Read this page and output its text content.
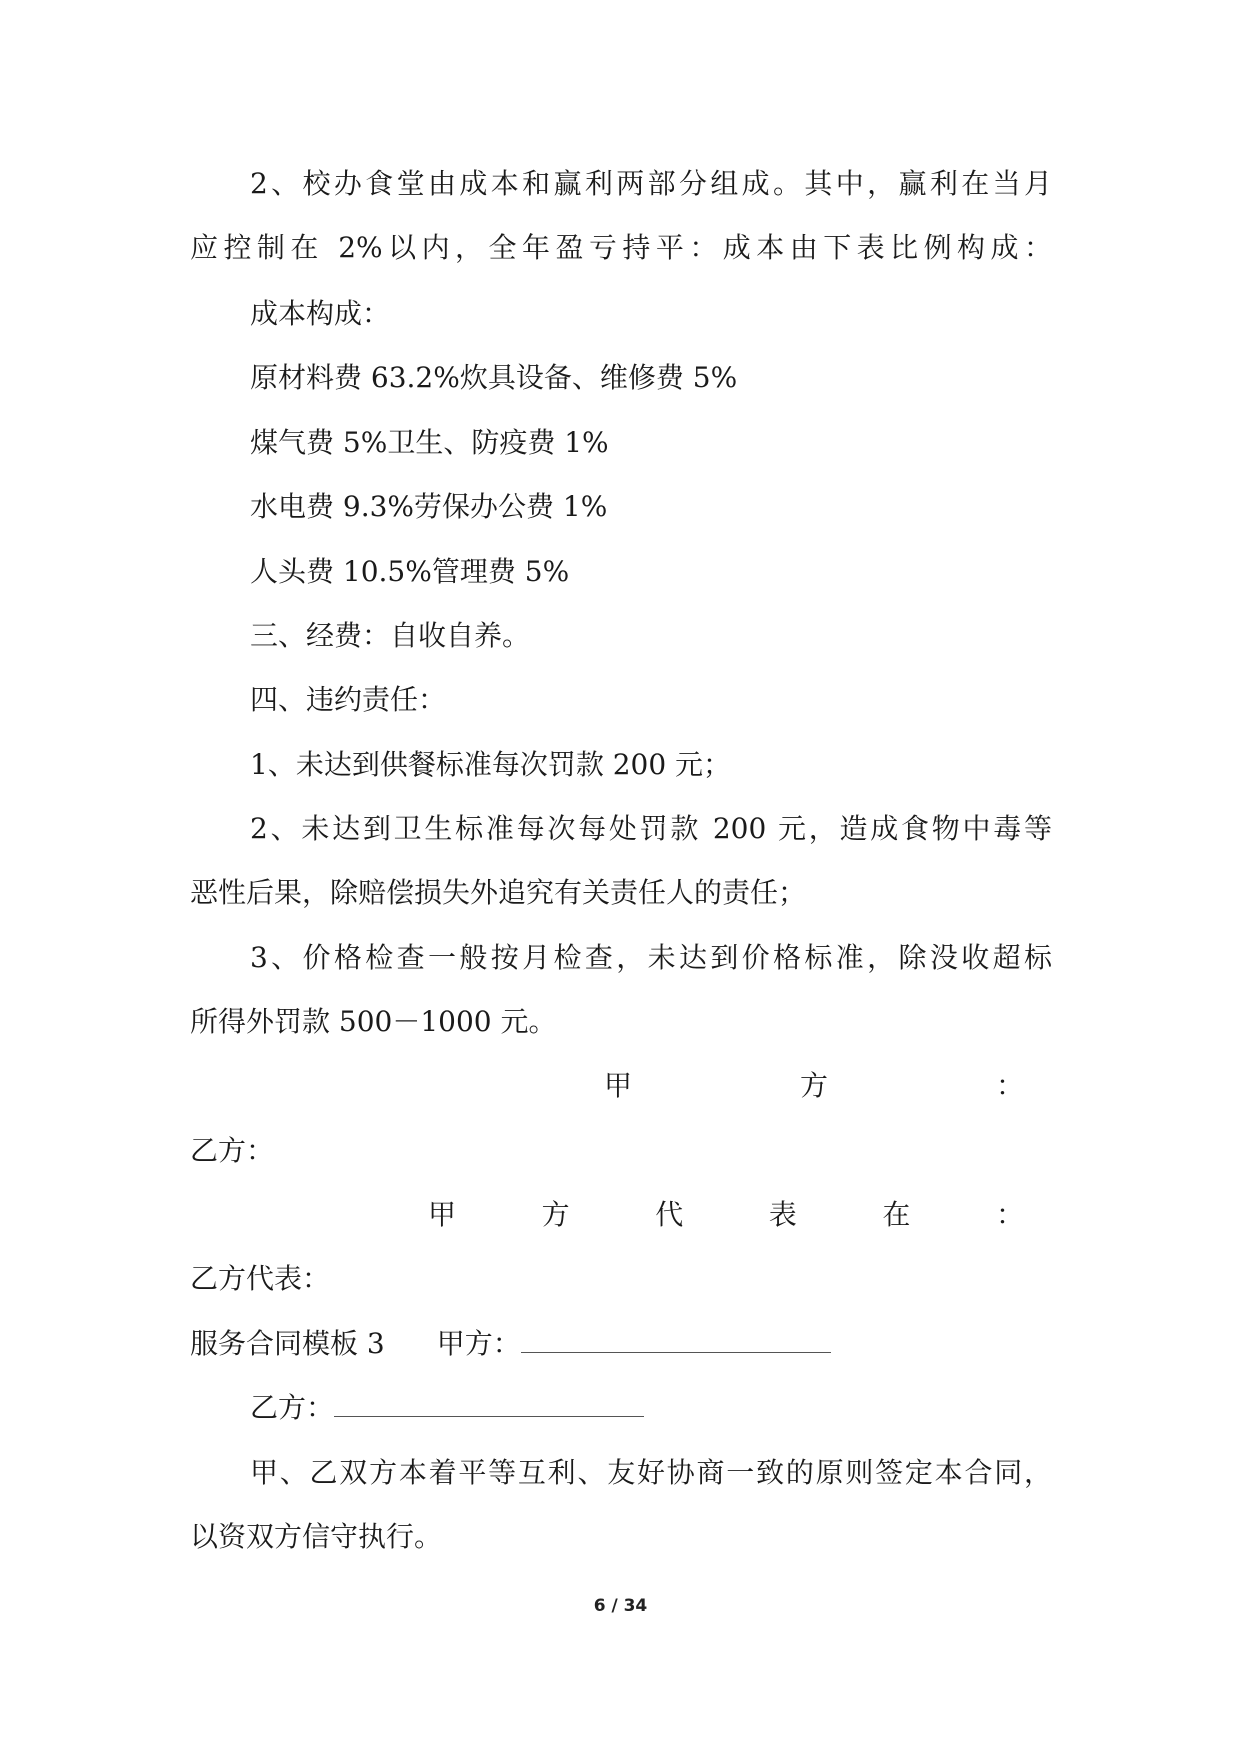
2、校办食堂由成本和赢利两部分组成。其中，赢利在当月
应控制在 2%以内，全年盈亏持平：成本由下表比例构成：
成本构成：
原材料费 63.2%炊具设备、维修费 5%
煤气费 5%卫生、防疫费 1%
水电费 9.3%劳保办公费 1%
人头费 10.5%管理费 5%
三、经费：自收自养。
四、违约责任：
1、未达到供餐标准每次罚款 200 元；
2、未达到卫生标准每次每处罚款 200 元，造成食物中毒等
恶性后果，除赔偿损失外追究有关责任人的责任；
3、价格检查一般按月检查，未达到价格标准，除没收超标
所得外罚款 500－1000 元。
甲	方	：
乙方：
甲	方	代	表	在	：
乙方代表：
服务合同模板 3 甲方：
乙方：
甲、乙双方本着平等互利、友好协商一致的原则签定本合同，
以资双方信守执行。
6 / 34
